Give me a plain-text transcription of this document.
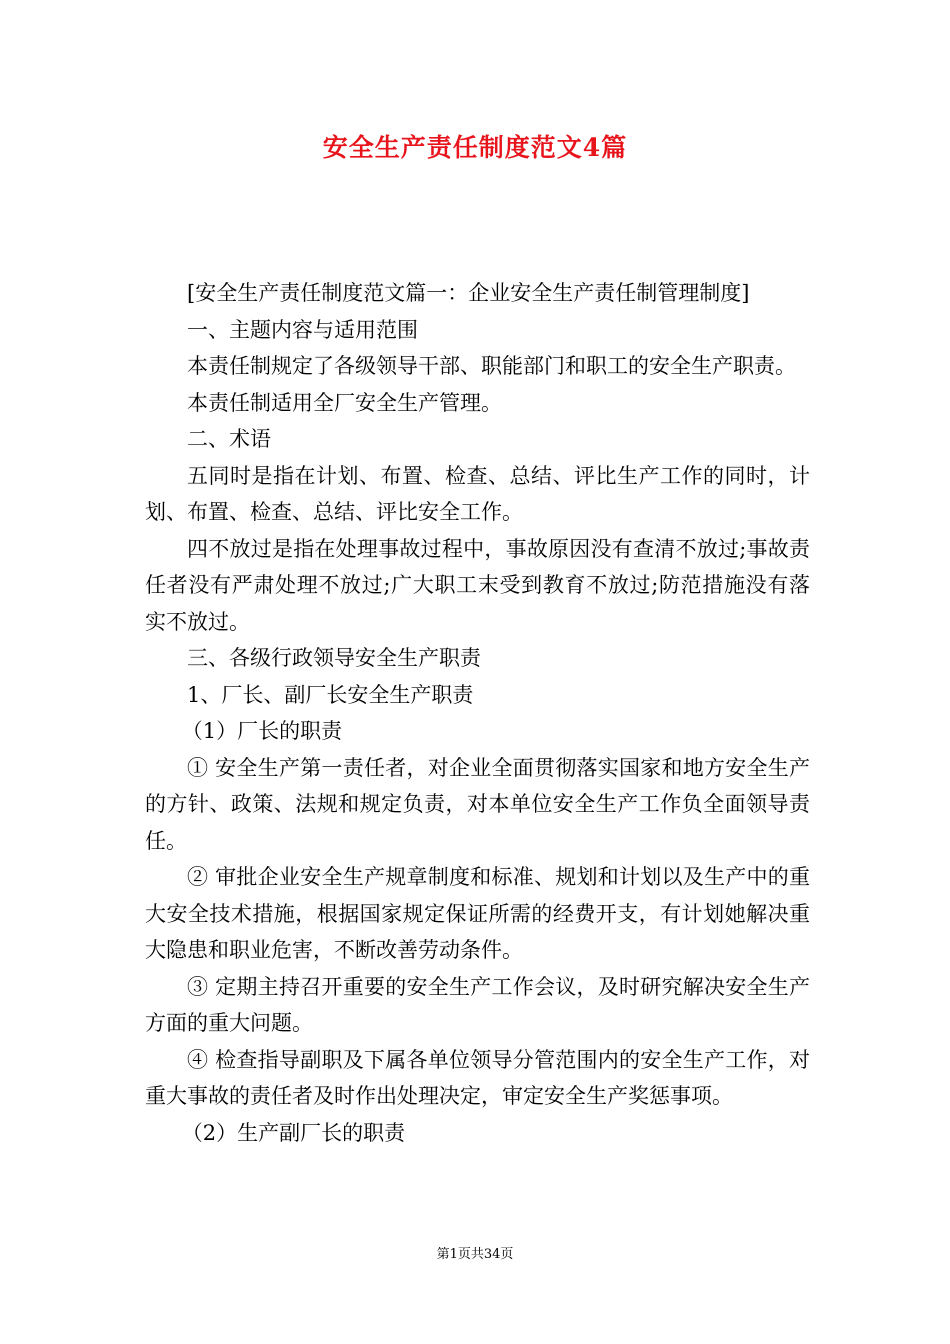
安全生产责任制度范文4篇

[安全生产责任制度范文篇一：企业安全生产责任制管理制度]

一、主题内容与适用范围

本责任制规定了各级领导干部、职能部门和职工的安全生产职责。

本责任制适用全厂安全生产管理。

二、术语

五同时是指在计划、布置、检查、总结、评比生产工作的同时，计划、布置、检查、总结、评比安全工作。

四不放过是指在处理事故过程中，事故原因没有查清不放过;事故责任者没有严肃处理不放过;广大职工末受到教育不放过;防范措施没有落实不放过。

三、各级行政领导安全生产职责

1、厂长、副厂长安全生产职责

（1）厂长的职责

① 安全生产第一责任者，对企业全面贯彻落实国家和地方安全生产的方针、政策、法规和规定负责，对本单位安全生产工作负全面领导责任。

② 审批企业安全生产规章制度和标准、规划和计划以及生产中的重大安全技术措施，根据国家规定保证所需的经费开支，有计划她解决重大隐患和职业危害，不断改善劳动条件。

③ 定期主持召开重要的安全生产工作会议，及时研究解决安全生产方面的重大问题。

④ 检查指导副职及下属各单位领导分管范围内的安全生产工作，对重大事故的责任者及时作出处理决定，审定安全生产奖惩事项。

（2）生产副厂长的职责

第1页共34页
